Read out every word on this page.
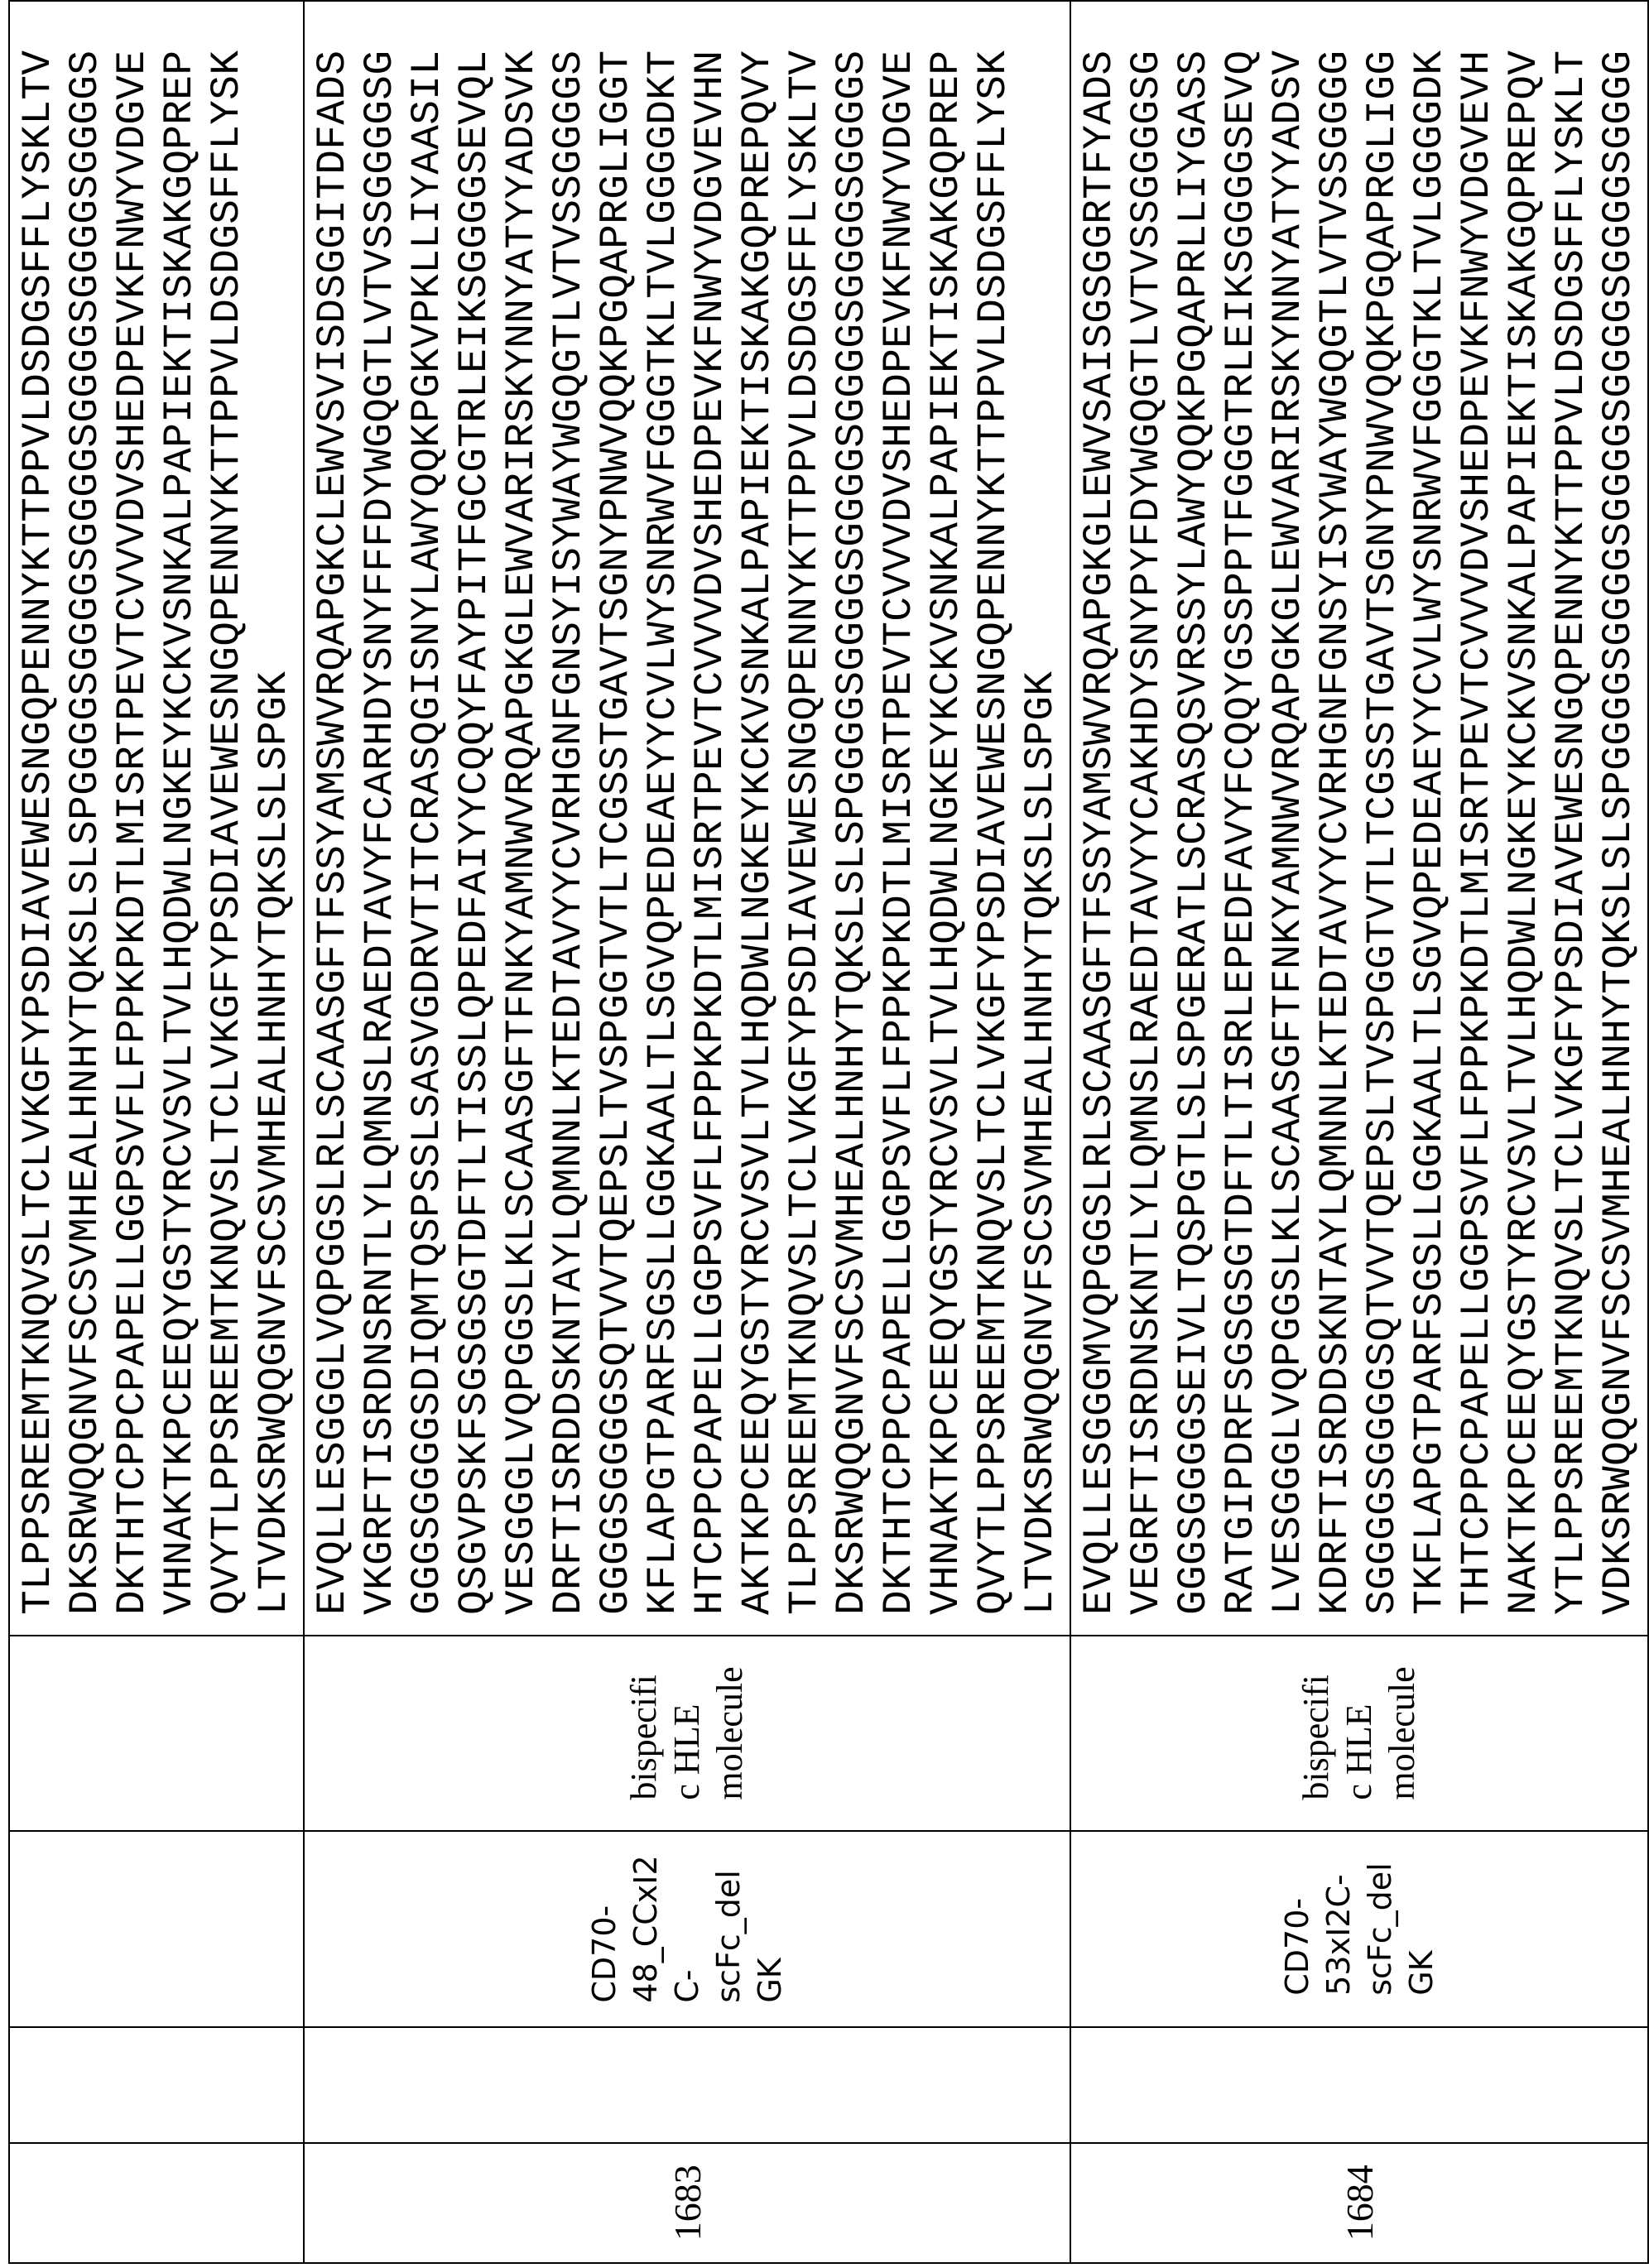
TLPPSREEMTKNQVSLTCLVKGFYPSDIAVEWESNGQPENNYKTTPPVLDSDGSFFLYSKLTV DKSRWQQGNVFSCSVMHEALHNHYTQKSLSLSPGGGGSGGGGSGGGGSGGGGSGGGGSGGGGS DKTHTCPPCPAPELLGGPSVFLFPPKPKDTLMISRTPEVTCVVVDVSHEDPEVKFNWYVDGVE VHNAKTKPCEEQYGSTYRCVSVLTVLHQDWLNGKEYKCKVSNKALPAPIEKTISKAKGQPREP QVYTLPPSREEMTKNQVSLTCLVKGFYPSDIAVEWESNGQPENNYKTTPPVLDSDGSFFLYSK LTVDKSRWQQGNVFSCSVMHEALHNHYTQKSLSLSPGK

1683		
CD70- 48_CCxI2 C- scFc_del GK

bispecifi c HLE molecule

EVQLLESGGGLVQPGGSLRLSCAASGFTFSSYAMSWVRQAPGKCLEWVSVISDSGGITDFADS VKGRFTISRDNSRNTLYLQMNSLRAEDTAVYFCARHDYSNYFFFDYWGQGTLVTVSSGGGGSG GGGSGGGGSDIQMTQSPSSLSASVGDRVTITCRASQGISNYLAWYQQKPGKVPKLLIYAASIL QSGVPSKFSGSGSGTDFTLTISSLQPEDFAIYYCQQYFAYPITFGCGTRLEIKSGGGGSEVQL VESGGGLVQPGGSLKLSCAASGFTFNKYAMNWVRQAPGKGLEWVARIRSKYNNYATYYADSVK DRFTISRDDSKNTAYLQMNNLKTEDTAVYYCVRHGNFGNSYISYWAYWGQGTLVTVSSGGGGS GGGGSGGGGSQTVVTQEPSLTVSPGGTVTLTCGSSTGAVTSGNYPNWVQQKPGQAPRGLIGGT KFLAPGTPARFSGSLLGGKAALTLSGVQPEDEAEYYCVLWYSNRWVFGGGTKLTVLGGGGDKT HTCPPCPAPELLGGPSVFLFPPKPKDTLMISRTPEVTCVVVDVSHEDPEVKFNWYVDGVEVHN AKTKPCEEQYGSTYRCVSVLTVLHQDWLNGKEYKCKVSNKALPAPIEKTISKAKGQPREPQVY TLPPSREEMTKNQVSLTCLVKGFYPSDIAVEWESNGQPENNYKTTPPVLDSDGSFFLYSKLTV DKSRWQQGNVFSCSVMHEALHNHYTQKSLSLSPGGGGSGGGGSGGGGSGGGGSGGGGSGGGGS DKTHTCPPCPAPELLGGPSVFLFPPKPKDTLMISRTPEVTCVVVDVSHEDPEVKFNWYVDGVE VHNAKTKPCEEQYGSTYRCVSVLTVLHQDWLNGKEYKCKVSNKALPAPIEKTISKAKGQPREP QVYTLPPSREEMTKNQVSLTCLVKGFYPSDIAVEWESNGQPENNYKTTPPVLDSDGSFFLYSK LTVDKSRWQQGNVFSCSVMHEALHNHYTQKSLSLSPGK

1684		
CD70- 53xI2C- scFc_del GK

bispecifi c HLE molecule

EVQLLESGGGMVQPGGSLRLSCAASGFTFSSYAMSWVRQAPGKGLEWVSAISGSGGRTFYADS VEGRFTISRDNSKNTLYLQMNSLRAEDTAVYYCAKHDYSNYPYFDYWGQGTLVTVSSGGGGSG GGGSGGGGSEIVLTQSPGTLSLSPGERATLSCRASQSVRSSYLAWYQQKPGQAPRLLIYGASS RATGIPDRFSGSGSGTDFTLTISRLEPEDFAVYFCQQYGSSPPTFGGGTRLEIKSGGGGSEVQ LVESGGGLVQPGGSLKLSCAASGFTFNKYAMNWVRQAPGKGLEWVARIRSKYNNYATYYADSV KDRFTISRDDSKNTAYLQMNNLKTEDTAVYYCVRHGNFGNSYISYWAYWGQGTLVTVSSGGGG SGGGGSGGGGSQTVVTQEPSLTVSPGGTVTLTCGSSTGAVTSGNYPNWVQQKPGQAPRGLIGG TKFLAPGTPARFSGSLLGGKAALTLSGVQPEDEAEYYCVLWYSNRWVFGGGTKLTVLGGGGDK THTCPPCPAPELLGGPSVFLFPPKPKDTLMISRTPEVTCVVVDVSHEDPEVKFNWYVDGVEVH NAKTKPCEEQYGSTYRCVSVLTVLHQDWLNGKEYKCKVSNKALPAPIEKTISKAKGQPREPQV YTLPPSREEMTKNQVSLTCLVKGFYPSDIAVEWESNGQPENNYKTTPPVLDSDGSFFLYSKLT VDKSRWQQGNVFSCSVMHEALHNHYTQKSLSLSPGGGGSGGGGSGGGGSGGGGSGGGGSGGGG
